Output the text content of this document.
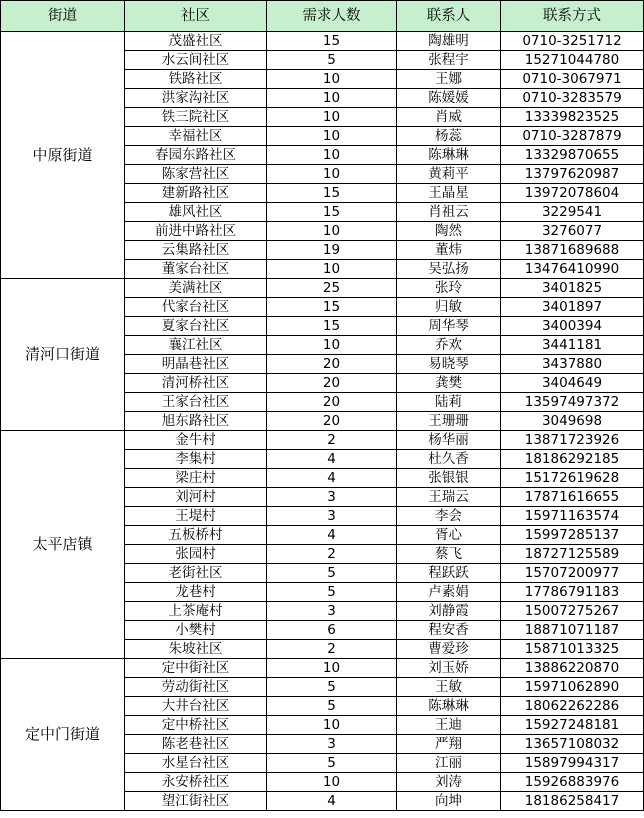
街道	社区	需求人数	联系人	联系方式
中原街道	茂盛社区	15	陶雄明	0710-3251712
	水云间社区	5	张程宇	15271044780
	铁路社区	10	王娜	0710-3067971
	洪家沟社区	10	陈媛媛	0710-3283579
	铁三院社区	10	肖威	13339823525
	幸福社区	10	杨蕊	0710-3287879
	春园东路社区	10	陈琳琳	13329870655
	陈家营社区	10	黄莉平	13797620987
	建新路社区	15	王晶星	13972078604
	雄风社区	15	肖祖云	3229541
	前进中路社区	10	陶然	3276077
	云集路社区	19	董炜	13871689688
	董家台社区	10	吴弘扬	13476410990
清河口街道	美满社区	25	张玲	3401825
	代家台社区	15	归敏	3401897
	夏家台社区	15	周华琴	3400394
	襄江社区	10	乔欢	3441181
	明晶巷社区	20	易晓琴	3437880
	清河桥社区	20	龚樊	3404649
	王家台社区	20	陆莉	13597497372
	旭东路社区	20	王珊珊	3049698
太平店镇	金牛村	2	杨华丽	13871723926
	李集村	4	杜久香	18186292185
	梁庄村	4	张银银	15172619628
	刘河村	3	王瑞云	17871616655
	王堤村	3	李会	15971163574
	五板桥村	4	胥心	15997285137
	张园村	2	蔡飞	18727125589
	老街社区	5	程跃跃	15707200977
	龙巷村	5	卢素娟	17786791183
	上茶庵村	3	刘静霞	15007275267
	小樊村	6	程安香	18871071187
	朱坡社区	2	曹爱珍	15871013325
定中门街道	定中街社区	10	刘玉娇	13886220870
	劳动街社区	5	王敏	15971062890
	大井台社区	5	陈琳琳	18062262286
	定中桥社区	10	王迪	15927248181
	陈老巷社区	3	严翔	13657108032
	水星台社区	5	江丽	15897994317
	永安桥社区	10	刘涛	15926883976
	望江街社区	4	向坤	18186258417
